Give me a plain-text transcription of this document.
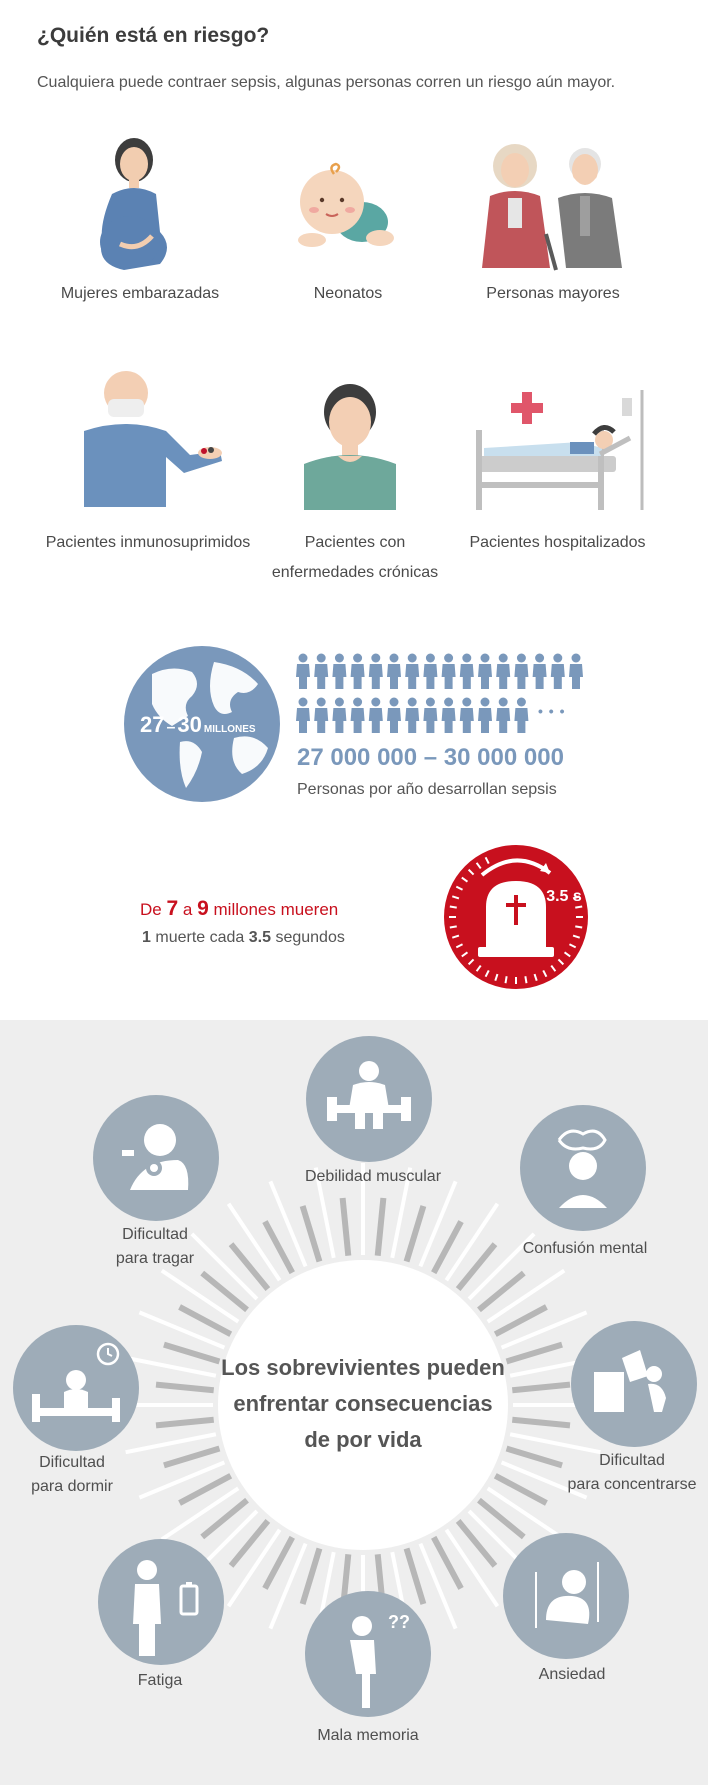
¿Quién está en riesgo?
Cualquiera puede contraer sepsis, algunas personas corren un riesgo aún mayor.
Mujeres embarazadas	Neonatos	Personas mayores
Pacientes inmunosuprimidos	Pacientes con
enfermedades crónicas
Pacientes hospitalizados
27 –30 MILLONES
• • •
27 000 000 – 30 000 000
Personas por año desarrollan sepsis
De 7 a 9 millones mueren
1 muerte cada 3.5 segundos
3.5 s
Los sobrevivientes pueden
enfrentar consecuencias
de por vida
Debilidad muscular
Confusión mental
Dificultad
para concentrarse
Ansiedad
??
Mala memoria
Fatiga
Dificultad
para dormir
Dificultad
para tragar
